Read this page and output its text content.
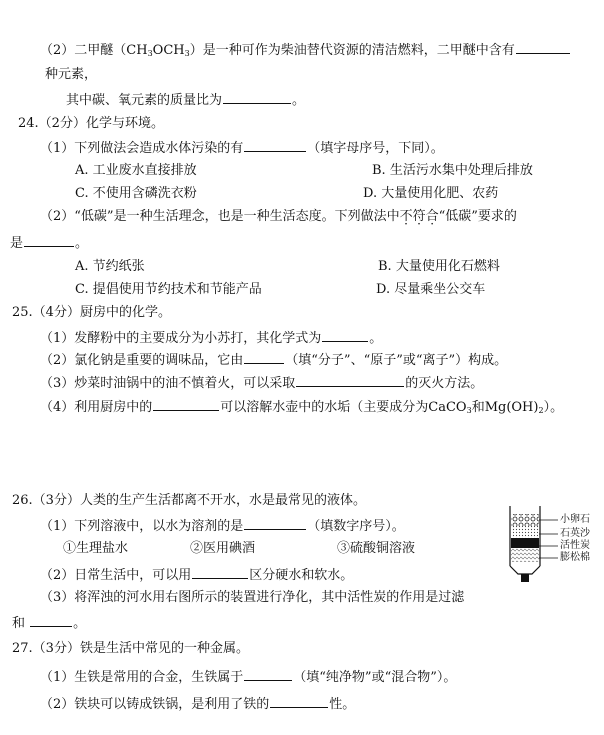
（2）二甲醚$(CH_3OCH_3)$是一种可作为柴油替代资源的清洁燃料，二甲醚中含有
种元素，
其中碳、氧元素的质量比为	。
24.（2分）化学与环境。
（1）下列做法会造成水体污染的有	（填字母序号，下同）。
A. 工业废水直接排放	B. 生活污水集中处理后排放
C. 不使用含磷洗衣粉	D. 大量使用化肥、农药
（2）“低碳”是一种生活理念，也是一种生活态度。下列做法中不符合“低碳”要求的
是	。
A. 节约纸张	B. 大量使用化石燃料
C. 提倡使用节约技术和节能产品	D. 尽量乘坐公交车
25.（4分）厨房中的化学。
（1）发酵粉中的主要成分为小苏打，其化学式为	。
（2）氯化钠是重要的调味品，它由	（填“分子”、“原子”或“离子”）构成。
（3）炒菜时油锅中的油不慎着火，可以采取	的灭火方法。
（4）利用厨房中的	可以溶解水壶中的水垢（主要成分为CaCO$_3$和$Mg(OH)_2$）。
26.（3分）人类的生产生活都离不开水，水是最常见的液体。
（1）下列溶液中，以水为溶剂的是	（填数字序号）。
①生理盐水	②医用碘酒	③硫酸铜溶液
（2）日常生活中，可以用	区分硬水和软水。
（3）将浑浊的河水用右图所示的装置进行净化，其中活性炭的作用是过滤
和	。
小卵石
石英沙
活性炭
膨松棉
27.（3分）铁是生活中常见的一种金属。
（1）生铁是常用的合金，生铁属于	（填“纯净物”或“混合物”）。
（2）铁块可以铸成铁锅，是利用了铁的	性。
